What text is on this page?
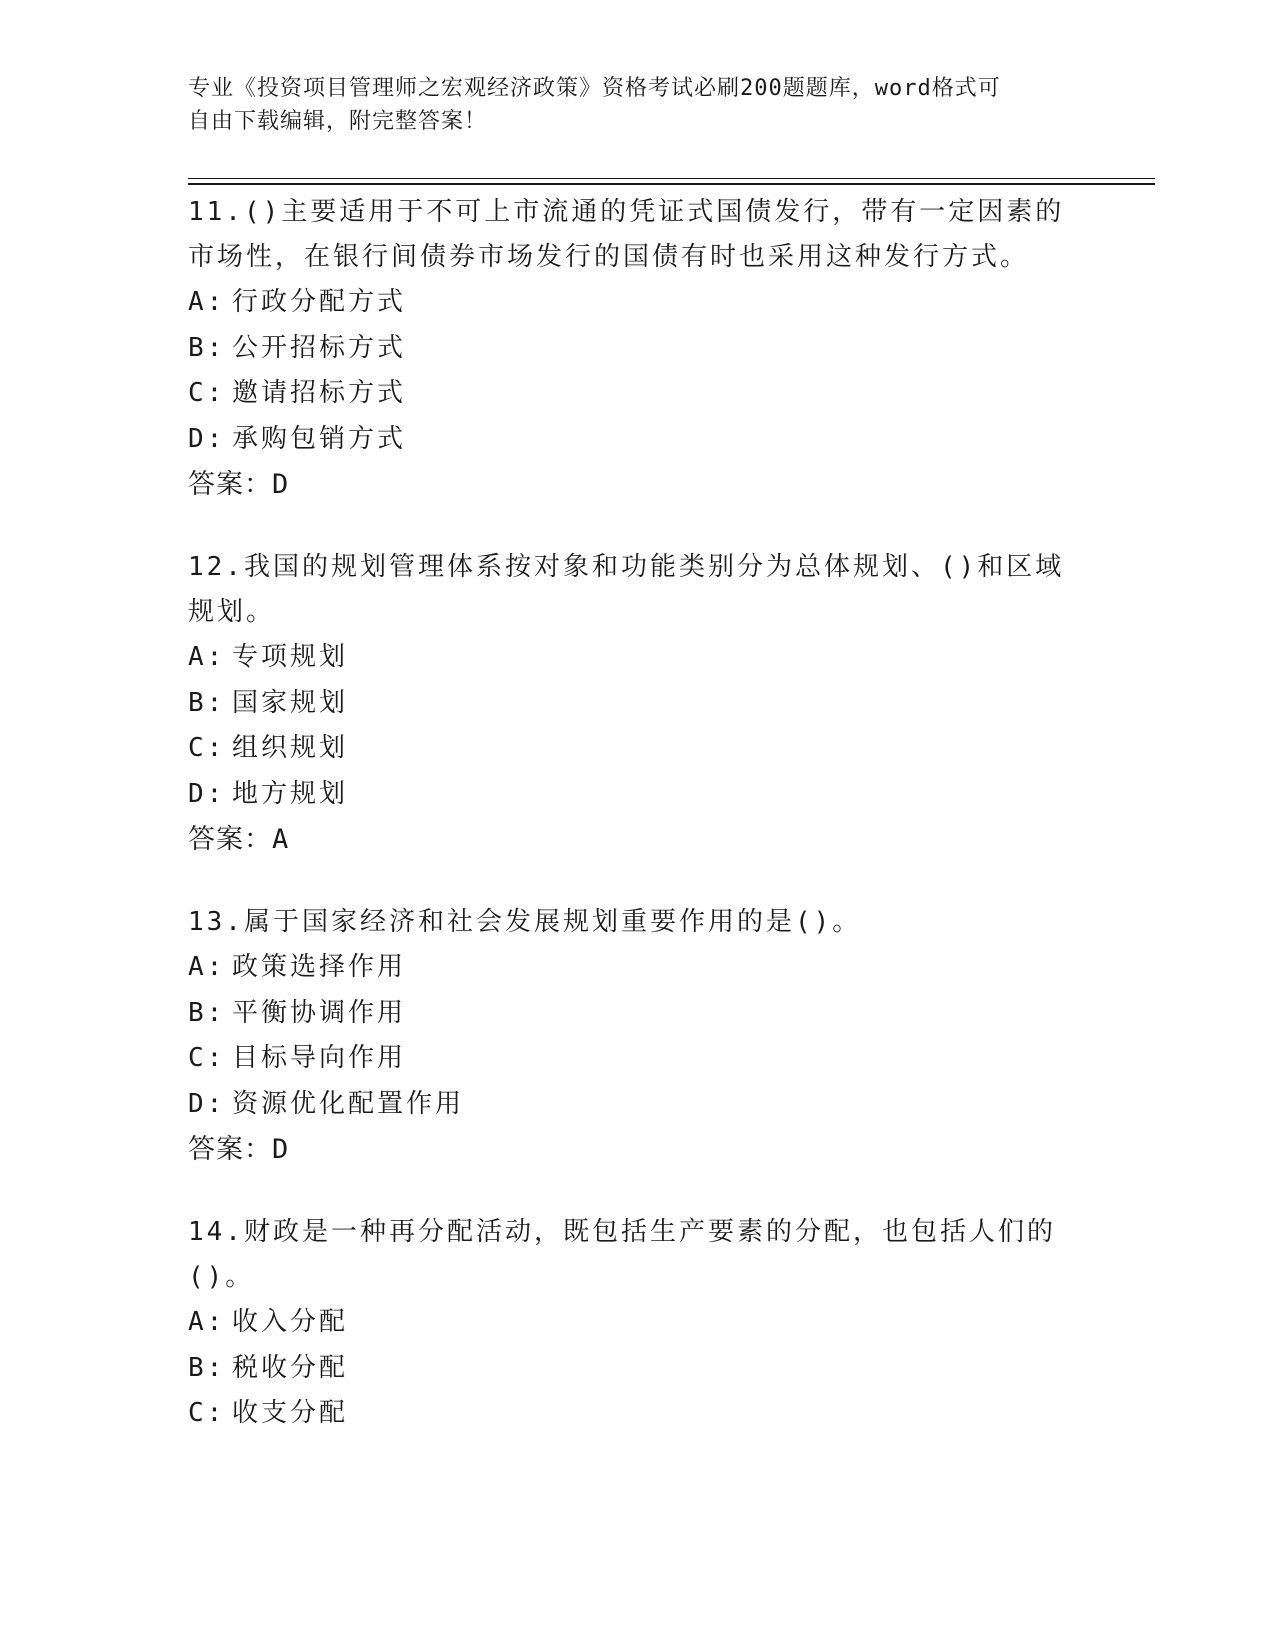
专业《投资项目管理师之宏观经济政策》资格考试必刷200题题库，word格式可
自由下载编辑，附完整答案！

11.()主要适用于不可上市流通的凭证式国债发行，带有一定因素的市场性，在银行间债券市场发行的国债有时也采用这种发行方式。

A: 行政分配方式

B: 公开招标方式

C: 邀请招标方式

D: 承购包销方式

答案：D

12.我国的规划管理体系按对象和功能类别分为总体规划、()和区域规划。

A: 专项规划

B: 国家规划

C: 组织规划

D: 地方规划

答案：A

13.属于国家经济和社会发展规划重要作用的是()。

A: 政策选择作用

B: 平衡协调作用

C: 目标导向作用

D: 资源优化配置作用

答案：D

14.财政是一种再分配活动，既包括生产要素的分配，也包括人们的()。

A: 收入分配

B: 税收分配

C: 收支分配
